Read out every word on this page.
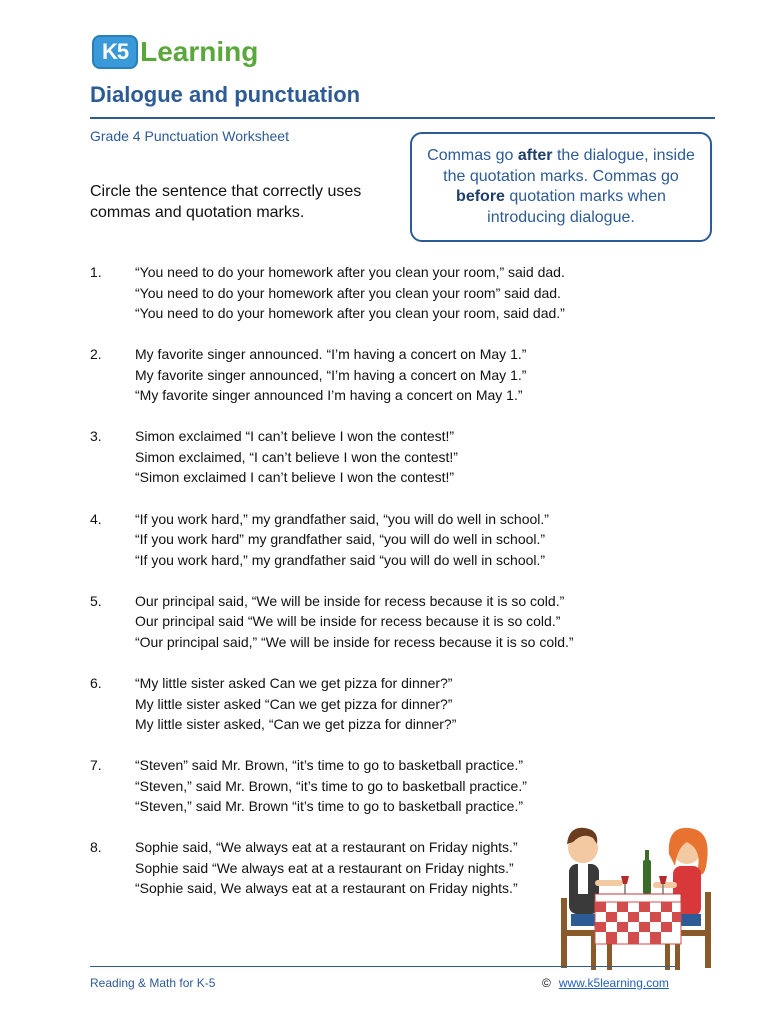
K5 Learning
Dialogue and punctuation
Grade 4 Punctuation Worksheet
Circle the sentence that correctly uses commas and quotation marks.
Commas go after the dialogue, inside the quotation marks. Commas go before quotation marks when introducing dialogue.
1.	“You need to do your homework after you clean your room,” said dad.
“You need to do your homework after you clean your room” said dad.
“You need to do your homework after you clean your room, said dad.”
2.	My favorite singer announced. “I’m having a concert on May 1.”
My favorite singer announced, “I’m having a concert on May 1.”
“My favorite singer announced I’m having a concert on May 1.”
3.	Simon exclaimed “I can’t believe I won the contest!”
Simon exclaimed, “I can’t believe I won the contest!”
“Simon exclaimed I can’t believe I won the contest!”
4.	“If you work hard,” my grandfather said, “you will do well in school.”
“If you work hard” my grandfather said, “you will do well in school.”
“If you work hard,” my grandfather said “you will do well in school.”
5.	Our principal said, “We will be inside for recess because it is so cold.”
Our principal said “We will be inside for recess because it is so cold.”
“Our principal said,” “We will be inside for recess because it is so cold.”
6.	“My little sister asked Can we get pizza for dinner?”
My little sister asked “Can we get pizza for dinner?”
My little sister asked, “Can we get pizza for dinner?”
7.	“Steven” said Mr. Brown, “it’s time to go to basketball practice.”
“Steven,” said Mr. Brown, “it’s time to go to basketball practice.”
“Steven,” said Mr. Brown “it’s time to go to basketball practice.”
8.	Sophie said, “We always eat at a restaurant on Friday nights.”
Sophie said “We always eat at a restaurant on Friday nights.”
“Sophie said, We always eat at a restaurant on Friday nights.”
Reading & Math for K-5	© www.k5learning.com
